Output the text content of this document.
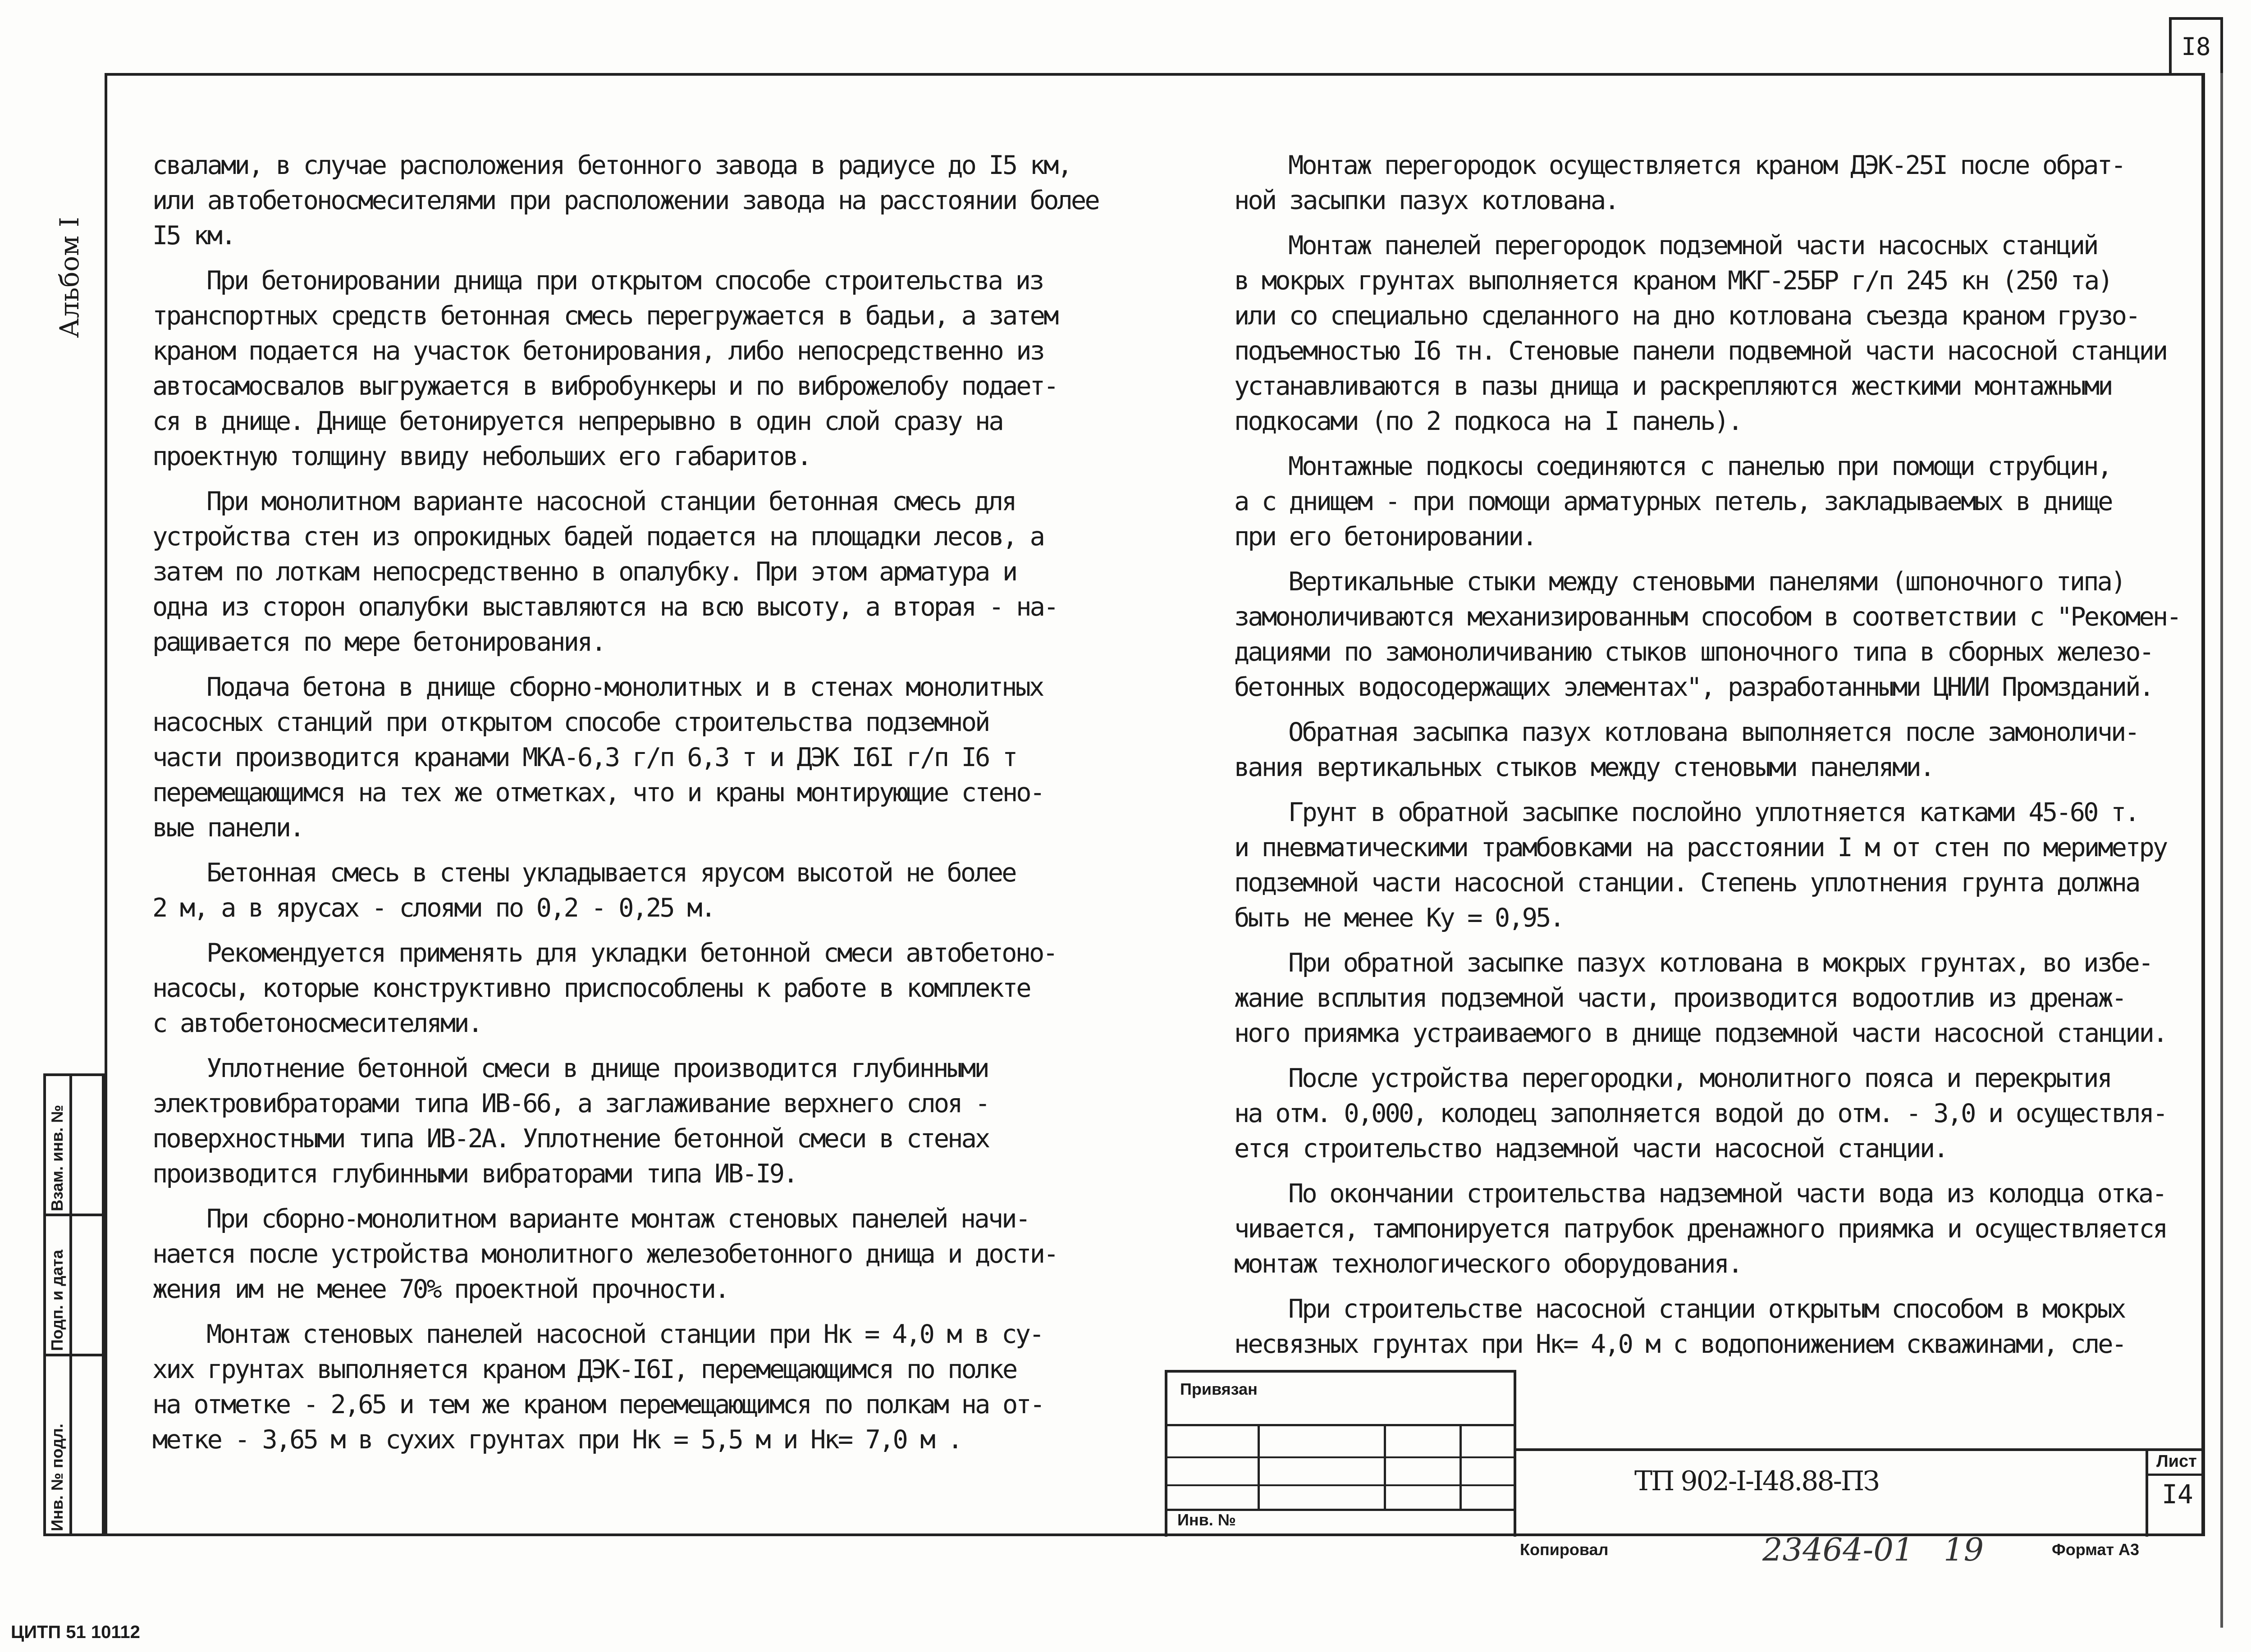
I8
Альбом I

свалами, в случае расположения бетонного завода в радиусе до I5 км,
или автобетоносмесителями при расположении завода на расстоянии более
I5 км.

При бетонировании днища при открытом способе строительства из
транспортных средств бетонная смесь перегружается в бадьи, а затем
краном подается на участок бетонирования, либо непосредственно из
автосамосвалов выгружается в вибробункеры и по виброжелобу подает-
ся в днище. Днище бетонируется непрерывно в один слой сразу на
проектную толщину ввиду небольших его габаритов.

При монолитном варианте насосной станции бетонная смесь для
устройства стен из опрокидных бадей подается на площадки лесов, а
затем по лоткам непосредственно в опалубку. При этом арматура и
одна из сторон опалубки выставляются на всю высоту, а вторая - на-
ращивается по мере бетонирования.

Подача бетона в днище сборно-монолитных и в стенах монолитных
насосных станций при открытом способе строительства подземной
части производится кранами МКА-6,3 г/п 6,3 т и ДЭК I6I г/п I6 т
перемещающимся на тех же отметках, что и краны монтирующие стено-
вые панели.

Бетонная смесь в стены укладывается ярусом высотой не более
2 м, а в ярусах - слоями по 0,2 - 0,25 м.

Рекомендуется применять для укладки бетонной смеси автобетоно-
насосы, которые конструктивно приспособлены к работе в комплекте
с автобетоносмесителями.

Уплотнение бетонной смеси в днище производится глубинными
электровибраторами типа ИВ-66, а заглаживание верхнего слоя -
поверхностными типа ИВ-2А. Уплотнение бетонной смеси в стенах
производится глубинными вибраторами типа ИВ-I9.

При сборно-монолитном варианте монтаж стеновых панелей начи-
нается после устройства монолитного железобетонного днища и дости-
жения им не менее 70% проектной прочности.

Монтаж стеновых панелей насосной станции при Нк = 4,0 м в су-
хих грунтах выполняется краном ДЭК-I6I, перемещающимся по полке
на отметке - 2,65 и тем же краном перемещающимся по полкам на от-
метке - 3,65 м в сухих грунтах при Нк = 5,5 м и Нк= 7,0 м .

Монтаж перегородок осуществляется краном ДЭК-25I после обрат-
ной засыпки пазух котлована.

Монтаж панелей перегородок подземной части насосных станций
в мокрых грунтах выполняется краном МКГ-25БР г/п 245 кн (250 та)
или со специально сделанного на дно котлована съезда краном грузо-
подъемностью I6 тн. Стеновые панели подвемной части насосной станции
устанавливаются в пазы днища и раскрепляются жесткими монтажными
подкосами (по 2 подкоса на I панель).

Монтажные подкосы соединяются с панелью при помощи струбцин,
а с днищем - при помощи арматурных петель, закладываемых в днище
при его бетонировании.

Вертикальные стыки между стеновыми панелями (шпоночного типа)
замоноличиваются механизированным способом в соответствии с "Рекомен-
дациями по замоноличиванию стыков шпоночного типа в сборных железо-
бетонных водосодержащих элементах", разработанными ЦНИИ Промзданий.

Обратная засыпка пазух котлована выполняется после замоноличи-
вания вертикальных стыков между стеновыми панелями.

Грунт в обратной засыпке послойно уплотняется катками 45-60 т.
и пневматическими трамбовками на расстоянии I м от стен по мериметру
подземной части насосной станции. Степень уплотнения грунта должна
быть не менее Ку = 0,95.

При обратной засыпке пазух котлована в мокрых грунтах, во избе-
жание всплытия подземной части, производится водоотлив из дренаж-
ного приямка устраиваемого в днище подземной части насосной станции.

После устройства перегородки, монолитного пояса и перекрытия
на отм. 0,000, колодец заполняется водой до отм. - 3,0 и осуществля-
ется строительство надземной части насосной станции.

По окончании строительства надземной части вода из колодца отка-
чивается, тампонируется патрубок дренажного приямка и осуществляется
монтаж технологического оборудования.

При строительстве насосной станции открытым способом в мокрых
несвязных грунтах при Нк= 4,0 м с водопонижением скважинами, сле-

Взам. инв. №
Подп. и дата
Инв. № подл.
Привязан
Инв. №
ТП 902-I-I48.88-ПЗ
Лист
I4
Копировал	23464-01 19	Формат А3
ЦИТП 51 10112
